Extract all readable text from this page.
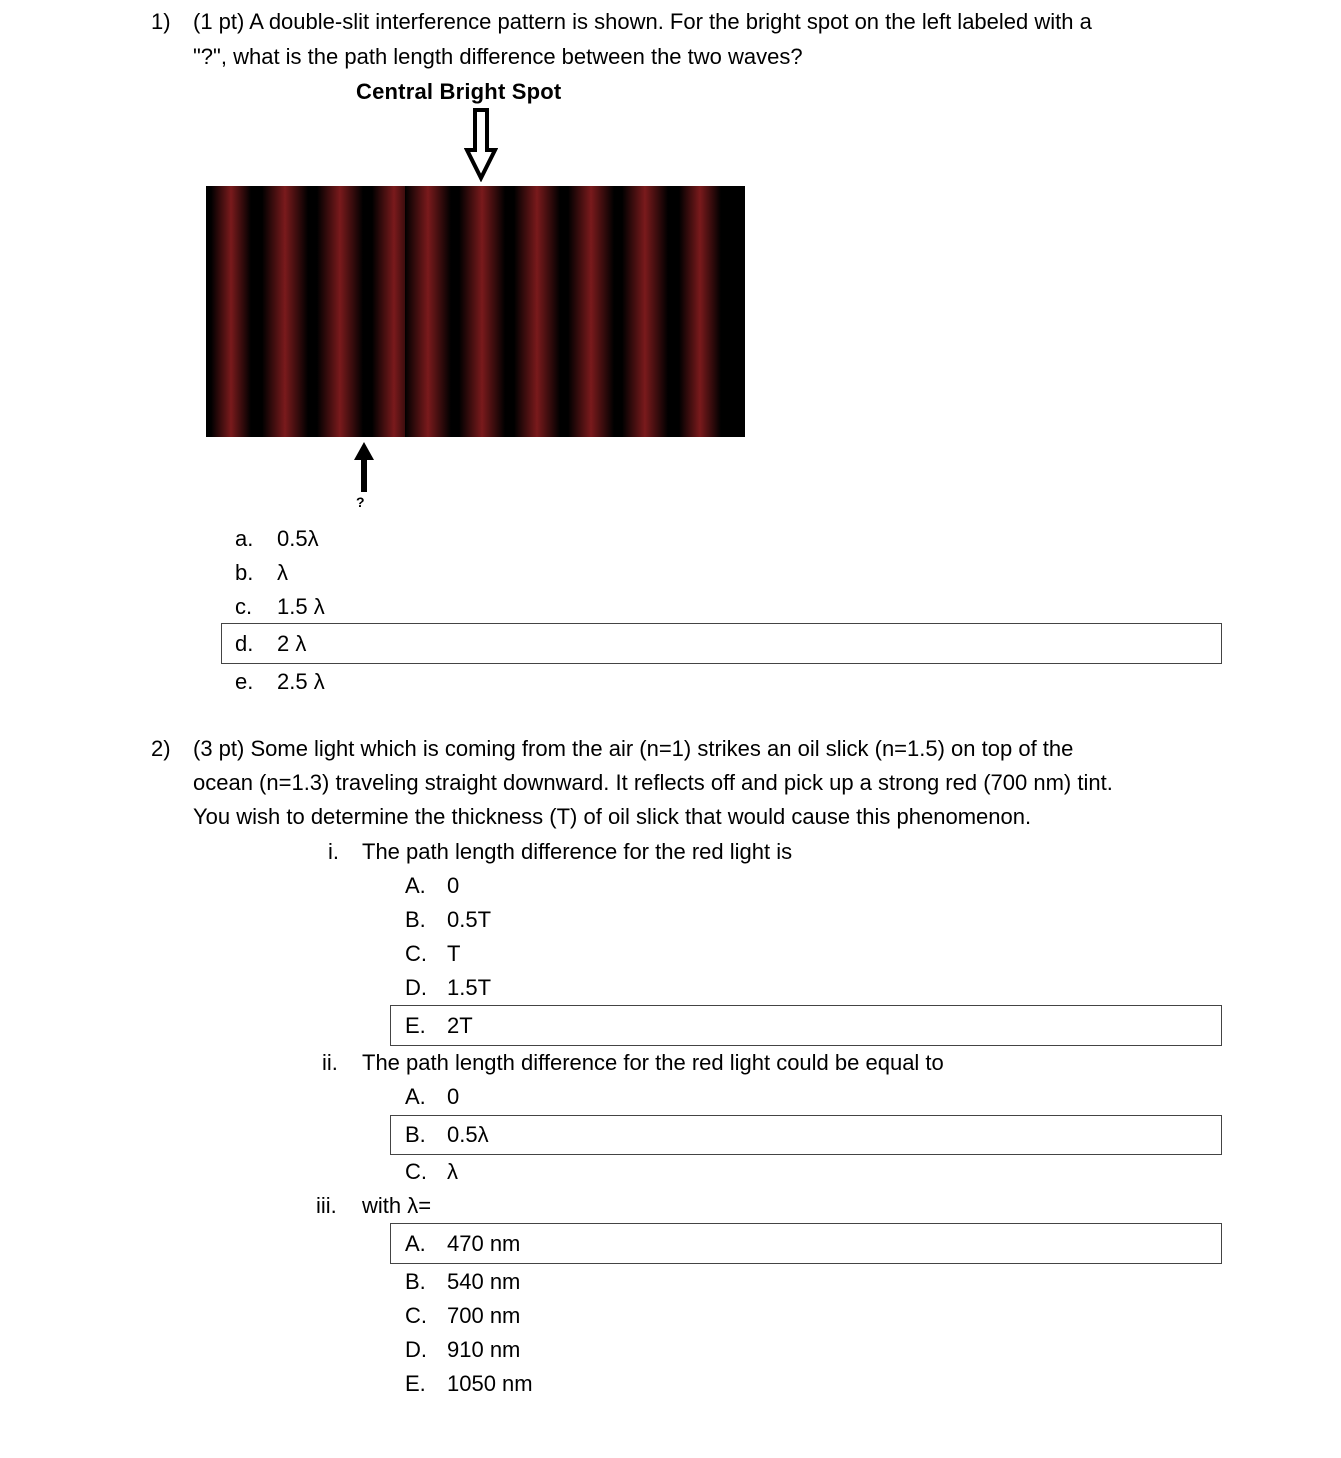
1) (1 pt) A double-slit interference pattern is shown. For the bright spot on the left labeled with a
"?", what is the path length difference between the two waves?
Central Bright Spot
?
a. 0.5λ
b. λ
c. 1.5 λ
d. 2 λ
e. 2.5 λ
2) (3 pt) Some light which is coming from the air (n=1) strikes an oil slick (n=1.5) on top of the
ocean (n=1.3) traveling straight downward. It reflects off and pick up a strong red (700 nm) tint.
You wish to determine the thickness (T) of oil slick that would cause this phenomenon.
i. The path length difference for the red light is
A. 0
B. 0.5T
C. T
D. 1.5T
E. 2T
ii. The path length difference for the red light could be equal to
A. 0
B. 0.5λ
C. λ
iii. with λ=
A. 470 nm
B. 540 nm
C. 700 nm
D. 910 nm
E. 1050 nm
